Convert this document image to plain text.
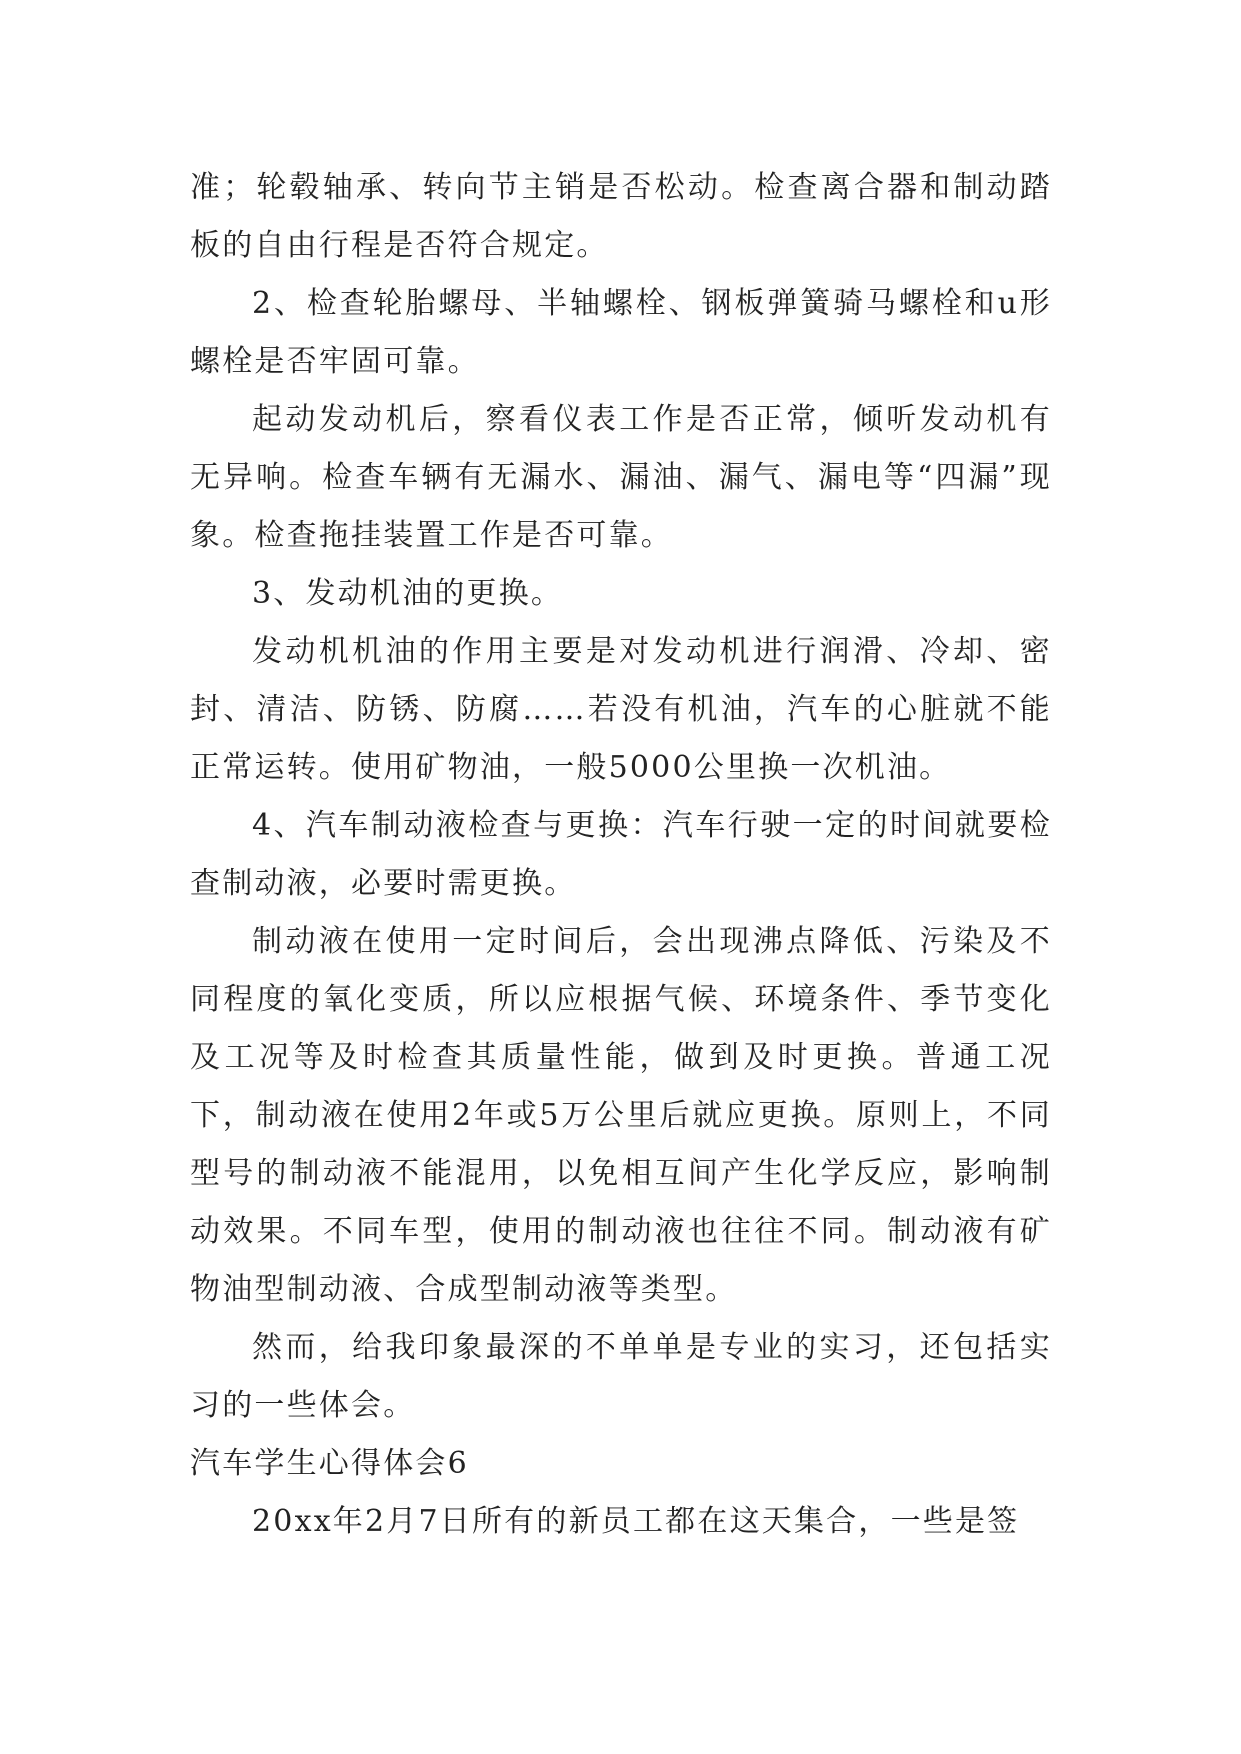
准；轮毂轴承、转向节主销是否松动。检查离合器和制动踏板的自由行程是否符合规定。

2、检查轮胎螺母、半轴螺栓、钢板弹簧骑马螺栓和u形螺栓是否牢固可靠。

起动发动机后，察看仪表工作是否正常，倾听发动机有无异响。检查车辆有无漏水、漏油、漏气、漏电等“四漏”现象。检查拖挂装置工作是否可靠。

3、发动机油的更换。

发动机机油的作用主要是对发动机进行润滑、冷却、密封、清洁、防锈、防腐……若没有机油，汽车的心脏就不能正常运转。使用矿物油，一般5000公里换一次机油。

4、汽车制动液检查与更换：汽车行驶一定的时间就要检查制动液，必要时需更换。

制动液在使用一定时间后，会出现沸点降低、污染及不同程度的氧化变质，所以应根据气候、环境条件、季节变化及工况等及时检查其质量性能，做到及时更换。普通工况下，制动液在使用2年或5万公里后就应更换。原则上，不同型号的制动液不能混用，以免相互间产生化学反应，影响制动效果。不同车型，使用的制动液也往往不同。制动液有矿物油型制动液、合成型制动液等类型。

然而，给我印象最深的不单单是专业的实习，还包括实习的一些体会。

汽车学生心得体会6

20xx年2月7日所有的新员工都在这天集合，一些是签
